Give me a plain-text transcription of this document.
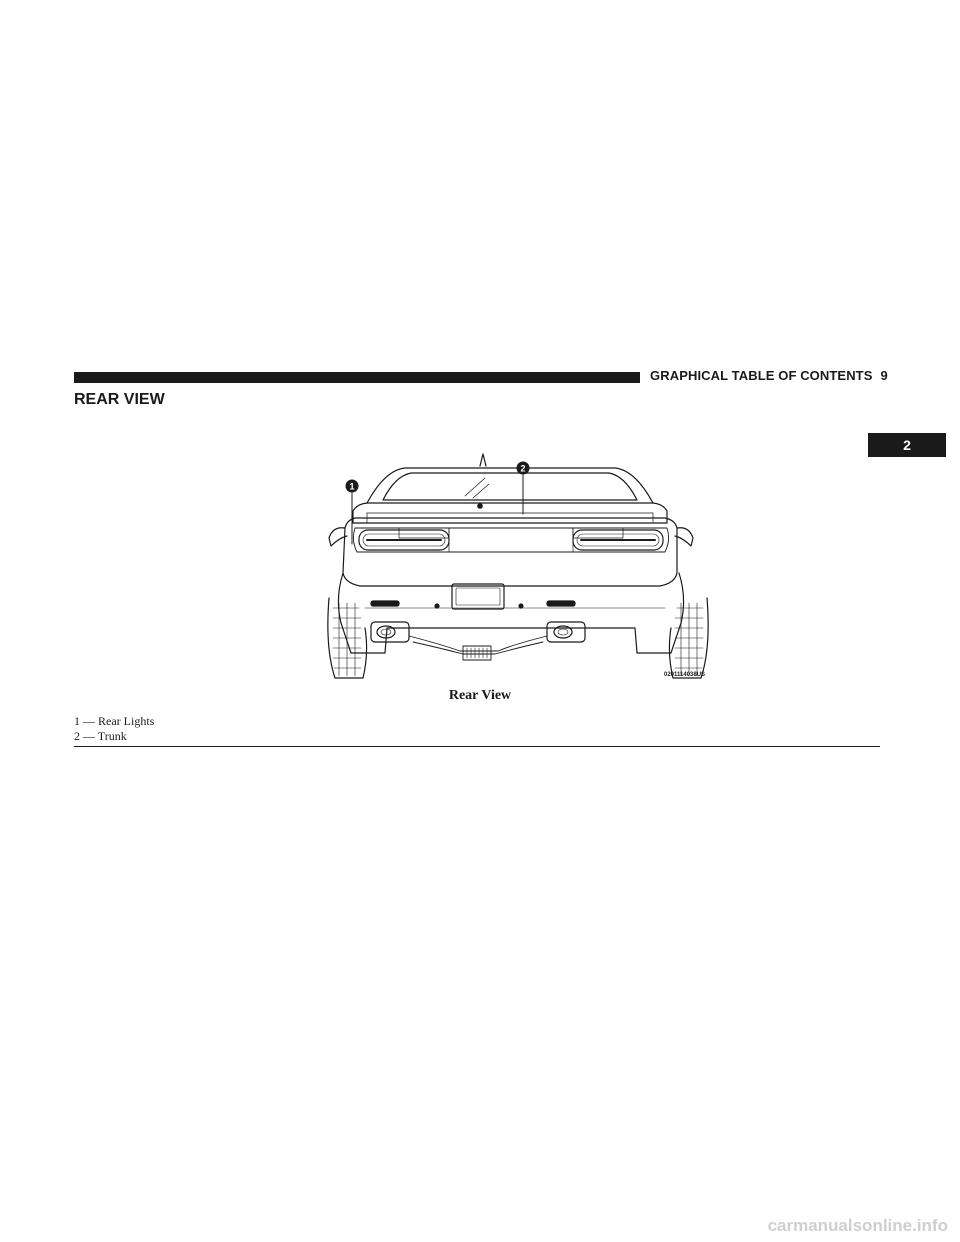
GRAPHICAL TABLE OF CONTENTS 9
REAR VIEW
2
1
2
0201114038US
Rear View
1 — Rear Lights
2 — Trunk
carmanualsonline.info
